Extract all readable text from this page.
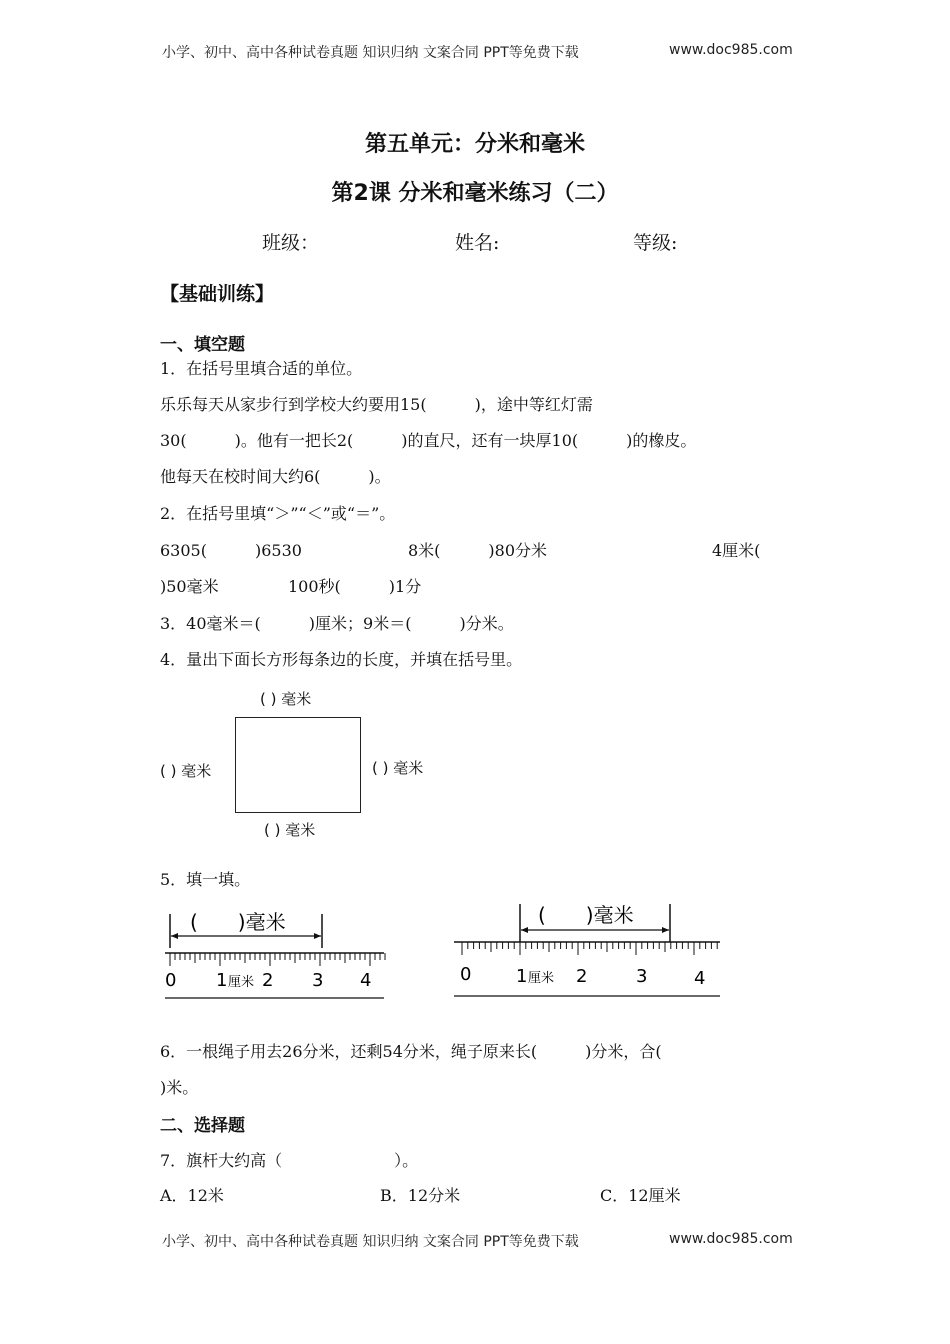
小学、初中、高中各种试卷真题 知识归纳 文案合同 PPT等免费下载	www.doc985.com
第五单元：分米和毫米
第2课 分米和毫米练习（二）
班级：	姓名:	等级:
【基础训练】
一、填空题
1．在括号里填合适的单位。
乐乐每天从家步行到学校大约要用15(　　　)，途中等红灯需
30(　　　)。他有一把长2(　　　)的直尺，还有一块厚10(　　　)的橡皮。
他每天在校时间大约6(　　　)。
2．在括号里填“＞”“＜”或“＝”。
6305(　　　)6530	8米(　　　)80分米	4厘米(
)50毫米	100秒(　　　)1分
3．40毫米＝(　　　)厘米；9米＝(　　　)分米。
4．量出下面长方形每条边的长度，并填在括号里。
( ) 毫米
( ) 毫米	( ) 毫米
( ) 毫米
5．填一填。
(　　)毫米
0 1 厘米 2 3 4
(　　)毫米
0 1 厘米 2	3	4
6．一根绳子用去26分米，还剩54分米，绳子原来长(　　　)分米，合(
)米。
二、选择题
7．旗杆大约高（　　　　　　　）。
A．12米	B．12分米	C．12厘米
小学、初中、高中各种试卷真题 知识归纳 文案合同 PPT等免费下载	www.doc985.com
